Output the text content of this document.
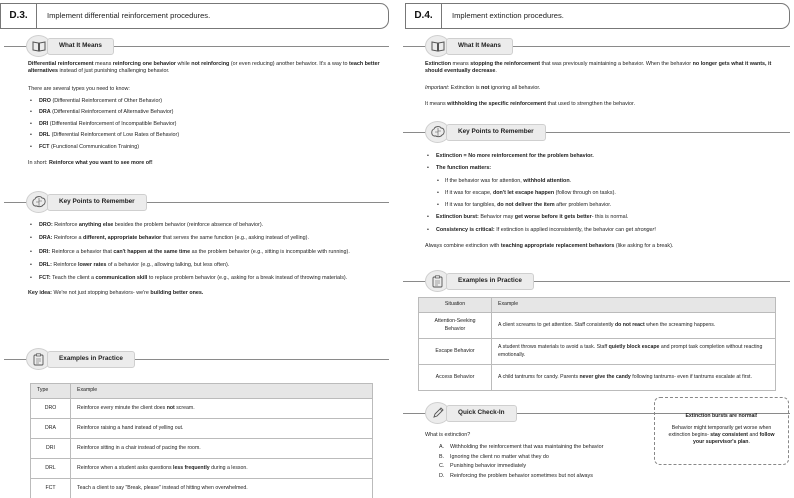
D.3.	Implement differential reinforcement procedures.
What It Means

Differential reinforcement means reinforcing one behavior while not reinforcing (or even reducing) another behavior. It's a way to teach better alternatives instead of just punishing challenging behavior.

There are several types you need to know:

• DRO (Differential Reinforcement of Other Behavior)
• DRA (Differential Reinforcement of Alternative Behavior)
• DRI (Differential Reinforcement of Incompatible Behavior)
• DRL (Differential Reinforcement of Low Rates of Behavior)
• FCT (Functional Communication Training)

In short: Reinforce what you want to see more of!

Key Points to Remember
• DRO: Reinforce anything else besides the problem behavior (reinforce absence of behavior).
• DRA: Reinforce a different, appropriate behavior that serves the same function (e.g., asking instead of yelling).
• DRI: Reinforce a behavior that can't happen at the same time as the problem behavior (e.g., sitting is incompatible with running).
• DRL: Reinforce lower rates of a behavior (e.g., allowing talking, but less often).
• FCT: Teach the client a communication skill to replace problem behavior (e.g., asking for a break instead of throwing materials).

Key idea: We're not just stopping behaviors- we're building better ones.

Examples in Practice
Type	Example
DRO	Reinforce every minute the client does not scream.
DRA	Reinforce raising a hand instead of yelling out.
DRI	Reinforce sitting in a chair instead of pacing the room.
DRL	Reinforce when a student asks questions less frequently during a lesson.
FCT	Teach a client to say "Break, please" instead of hitting when overwhelmed.
D.4.	Implement extinction procedures.
What It Means

Extinction means stopping the reinforcement that was previously maintaining a behavior. When the behavior no longer gets what it wants, it should eventually decrease.

Important: Extinction is not ignoring all behavior.

It means withholding the specific reinforcement that used to strengthen the behavior.

Key Points to Remember
• Extinction = No more reinforcement for the problem behavior.
• The function matters:
• If the behavior was for attention, withhold attention.
• If it was for escape, don't let escape happen (follow through on tasks).
• If it was for tangibles, do not deliver the item after problem behavior.
• Extinction burst: Behavior may get worse before it gets better- this is normal.
• Consistency is critical: If extinction is applied inconsistently, the behavior can get stronger!

Always combine extinction with teaching appropriate replacement behaviors (like asking for a break).

Examples in Practice
Situation	Example
Attention-Seeking Behavior	A client screams to get attention. Staff consistently do not react when the screaming happens.
Escape Behavior	A student throws materials to avoid a task. Staff quietly block escape and prompt task completion without reacting emotionally.
Access Behavior	A child tantrums for candy. Parents never give the candy following tantrums- even if tantrums escalate at first.
Quick Check-In

What is extinction?

A.	Withholding the reinforcement that was maintaining the behavior
B.	Ignoring the client no matter what they do
C.	Punishing behavior immediately
D.	Reinforcing the problem behavior sometimes but not always
Extinction bursts are normal!
Behavior might temporarily get worse when extinction begins- stay consistent and follow your supervisor's plan.
